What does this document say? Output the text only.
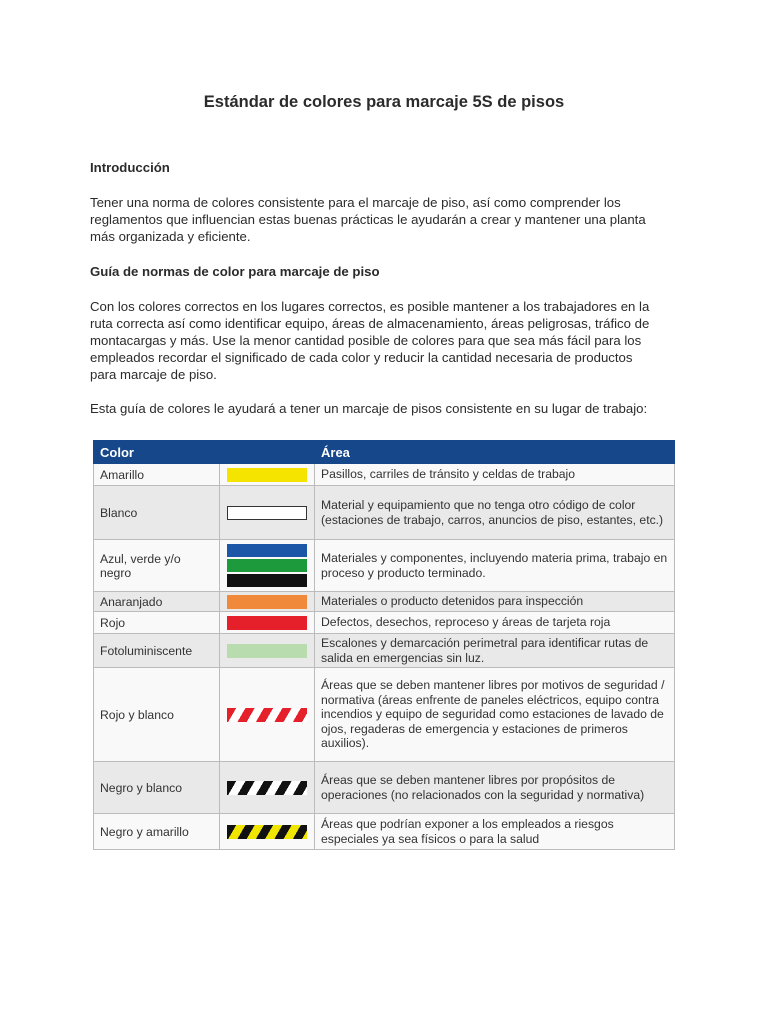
Estándar de colores para marcaje 5S de pisos
Introducción

Tener una norma de colores consistente para el marcaje de piso, así como comprender los
reglamentos que influencian estas buenas prácticas le ayudarán a crear y mantener una planta
más organizada y eficiente.

Guía de normas de color para marcaje de piso

Con los colores correctos en los lugares correctos, es posible mantener a los trabajadores en la
ruta correcta así como identificar equipo, áreas de almacenamiento, áreas peligrosas, tráfico de
montacargas y más. Use la menor cantidad posible de colores para que sea más fácil para los
empleados recordar el significado de cada color y reducir la cantidad necesaria de productos
para marcaje de piso.

Esta guía de colores le ayudará a tener un marcaje de pisos consistente en su lugar de trabajo:

Color		Área
Amarillo		Pasillos, carriles de tránsito y celdas de trabajo
Blanco		Material y equipamiento que no tenga otro código de color (estaciones de trabajo, carros, anuncios de piso, estantes, etc.)
Azul, verde y/o negro		Materiales y componentes, incluyendo materia prima, trabajo en proceso y producto terminado.
Anaranjado		Materiales o producto detenidos para inspección
Rojo		Defectos, desechos, reproceso y áreas de tarjeta roja
Fotoluminiscente		Escalones y demarcación perimetral para identificar rutas de salida en emergencias sin luz.
Rojo y blanco		Áreas que se deben mantener libres por motivos de seguridad / normativa (áreas enfrente de paneles eléctricos, equipo contra incendios y equipo de seguridad como estaciones de lavado de ojos, regaderas de emergencia y estaciones de primeros auxilios).
Negro y blanco		Áreas que se deben mantener libres por propósitos de operaciones (no relacionados con la seguridad y normativa)
Negro y amarillo		Áreas que podrían exponer a los empleados a riesgos especiales ya sea físicos o para la salud
